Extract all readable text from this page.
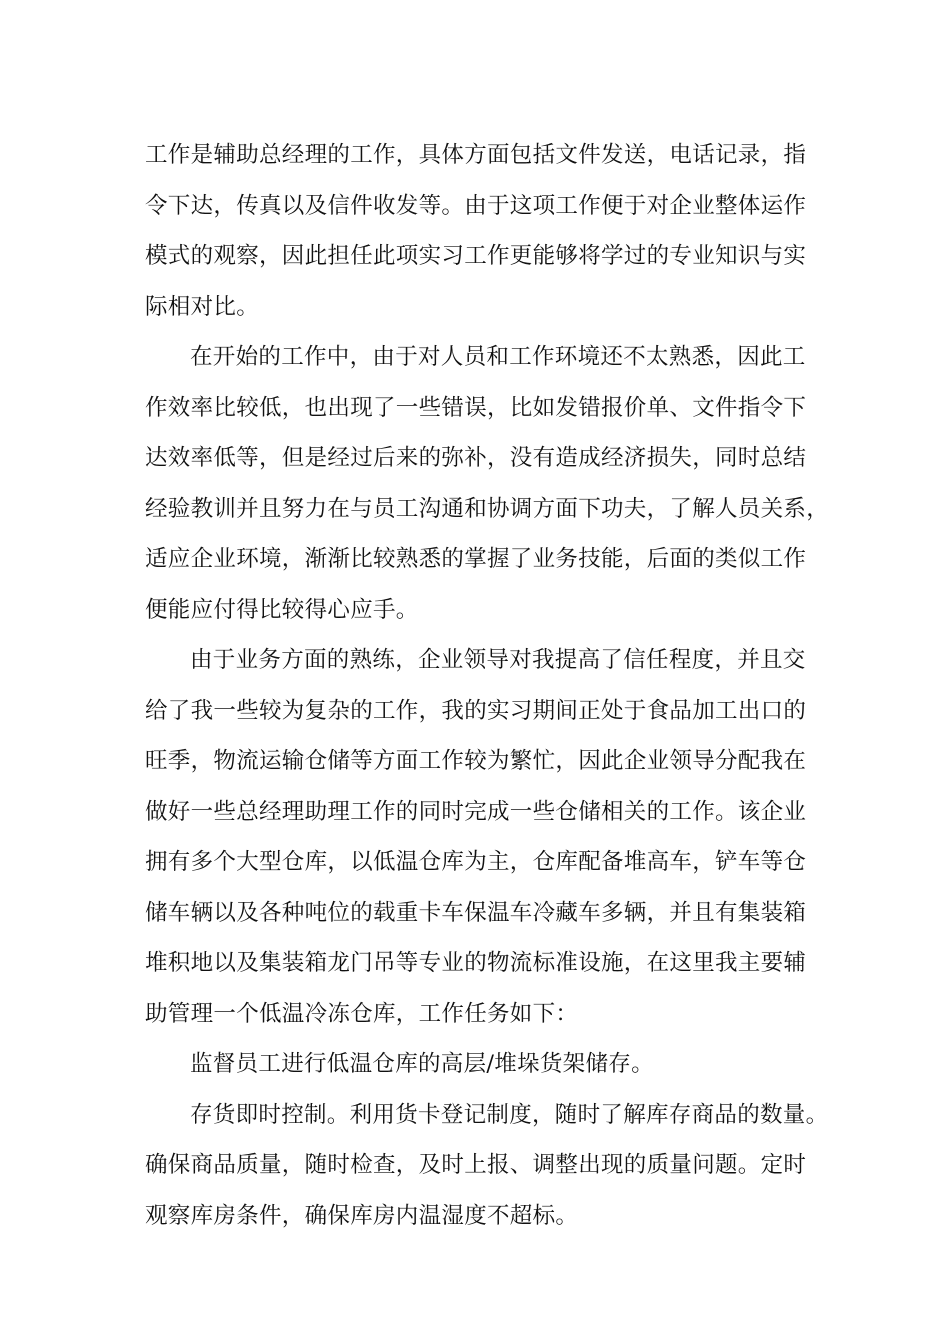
工作是辅助总经理的工作，具体方面包括文件发送，电话记录，指
令下达，传真以及信件收发等。由于这项工作便于对企业整体运作
模式的观察，因此担任此项实习工作更能够将学过的专业知识与实
际相对比。

在开始的工作中，由于对人员和工作环境还不太熟悉，因此工
作效率比较低，也出现了一些错误，比如发错报价单、文件指令下
达效率低等，但是经过后来的弥补，没有造成经济损失，同时总结
经验教训并且努力在与员工沟通和协调方面下功夫，了解人员关系，
适应企业环境，渐渐比较熟悉的掌握了业务技能，后面的类似工作
便能应付得比较得心应手。

由于业务方面的熟练，企业领导对我提高了信任程度，并且交
给了我一些较为复杂的工作，我的实习期间正处于食品加工出口的
旺季，物流运输仓储等方面工作较为繁忙，因此企业领导分配我在
做好一些总经理助理工作的同时完成一些仓储相关的工作。该企业
拥有多个大型仓库，以低温仓库为主，仓库配备堆高车，铲车等仓
储车辆以及各种吨位的载重卡车保温车冷藏车多辆，并且有集装箱
堆积地以及集装箱龙门吊等专业的物流标准设施，在这里我主要辅
助管理一个低温冷冻仓库，工作任务如下：

监督员工进行低温仓库的高层/堆垛货架储存。

存货即时控制。利用货卡登记制度，随时了解库存商品的数量。
确保商品质量，随时检查，及时上报、调整出现的质量问题。定时
观察库房条件，确保库房内温湿度不超标。
